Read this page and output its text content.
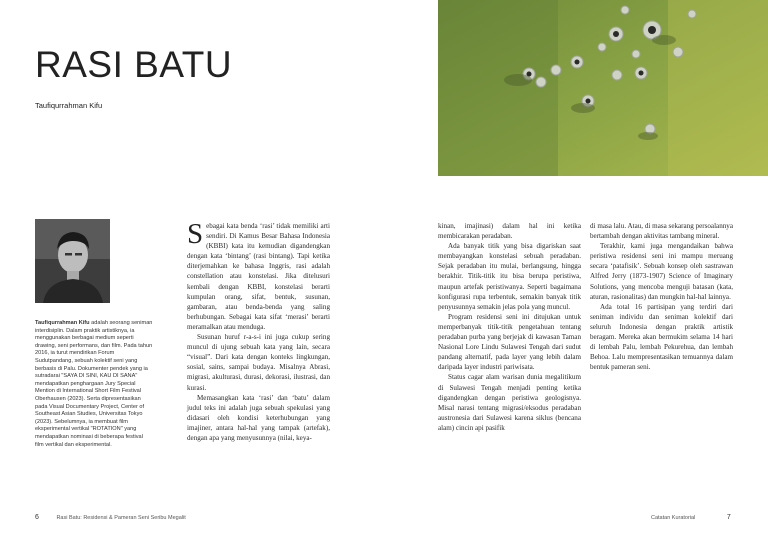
RASI BATU
Taufiqurrahman Kifu
Taufiqurrahman Kifu adalah seorang seniman interdisiplin. Dalam praktik artistiknya, ia menggunakan berbagai medium seperti drawing, seni performans, dan film. Pada tahun 2016, ia turut mendirikan Forum Sudutpandang, sebuah kolektif seni yang berbasis di Palu. Dokumenter pendek yang ia sutradarai "SAYA DI SINI, KAU DI SANA" mendapatkan penghargaan Jury Special Mention di International Short Film Festival Oberhausen (2023). Serta dipresentasikan pada Visual Documentary Project, Center of Southeast Asian Studies, Universitas Tokyo (2023). Sebelumnya, ia membuat film eksperimental vertikal "ROTATION" yang mendapatkan nominasi di beberapa festival film vertikal dan eksperimental.

Sebagai kata benda ‘rasi’ tidak memiliki arti sendiri. Di Kamus Besar Bahasa Indonesia (KBBI) kata itu kemudian digandengkan dengan kata ‘bintang’ (rasi bintang). Tapi ketika diterjemahkan ke bahasa Inggris, rasi adalah constellation atau konstelasi. Jika ditelusuri kembali dengan KBBI, konstelasi berarti kumpulan orang, sifat, bentuk, susunan, gambaran, atau benda-benda yang saling berhubungan. Sebagai kata sifat ‘merasi’ berarti meramalkan atau menduga.

Susunan huruf r-a-s-i ini juga cukup sering muncul di ujung sebuah kata yang lain, secara “visual”. Dari kata dengan konteks lingkungan, sosial, sains, sampai budaya. Misalnya Abrasi, migrasi, akulturasi, durasi, dekorasi, ilustrasi, dan kurasi.

Memasangkan kata ‘rasi’ dan ‘batu’ dalam judul teks ini adalah juga sebuah spekulasi yang didasari oleh kondisi keterhubungan yang imajiner, antara hal-hal yang tampak (artefak), dengan apa yang menyusunnya (nilai, keya-

6	Rasi Batu: Residensi & Pameran Seni Seribu Megalit

kinan, imajinasi) dalam hal ini ketika membicarakan peradaban.

Ada banyak titik yang bisa digariskan saat membayangkan konstelasi sebuah peradaban. Sejak peradaban itu mulai, berlangsung, hingga berakhir. Titik-titik itu bisa berupa peristiwa, maupun artefak peristiwanya. Seperti bagaimana konfigurasi rupa terbentuk, semakin banyak titik penyusunnya semakin jelas pola yang muncul.

Program residensi seni ini ditujukan untuk memperbanyak titik-titik pengetahuan tentang peradaban purba yang berjejak di kawasan Taman Nasional Lore Lindu Sulawesi Tengah dari sudut pandang alternatif, pada layer yang lebih dalam daripada layer industri pariwisata.

Status cagar alam warisan dunia megalitikum di Sulawesi Tengah menjadi penting ketika digandengkan dengan peristiwa geologisnya. Misal narasi tentang migrasi/eksodus peradaban austronesia dari Sulawesi karena siklus (bencana alam) cincin api pasifik

di masa lalu. Atau, di masa sekarang persoalannya bertambah dengan aktivitas tambang mineral.

Terakhir, kami juga mengandaikan bahwa peristiwa residensi seni ini mampu meruang secara ‘patafisik’. Sebuah konsep oleh sastrawan Alfred Jerry (1873-1907) Science of Imaginary Solutions, yang mencoba menguji batasan (kata, aturan, rasionalitas) dan mungkin hal-hal lainnya.

Ada total 16 partisipan yang terdiri dari seniman individu dan seniman kolektif dari seluruh Indonesia dengan praktik artistik beragam. Mereka akan bermukim selama 14 hari di lembah Palu, lembah Pekurehua, dan lembah Behoa. Lalu mempresentasikan temuannya dalam bentuk pameran seni.

Catatan Kuratorial	7
